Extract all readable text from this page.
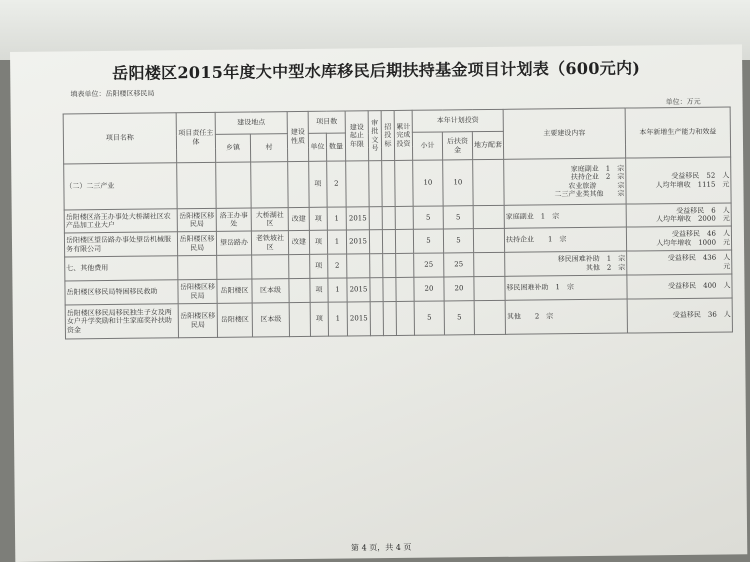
岳阳楼区2015年度大中型水库移民后期扶持基金项目计划表（600元内)
填表单位：岳阳楼区移民局
单位：万元
项目名称	项目责任主体	建设地点		建设性质	项目数		建设起止年限	审批文号	招投标	累计完成投资	本年计划投资			主要建设内容	本年新增生产能力和效益
		乡镇	村		单位	数量					小计	后扶资金	地方配套		

（二）二三产业					项	2					10	10		家庭副业　1　宗
扶持企业　2　宗
农业旅游　　　宗
二三产业类其他　　宗	受益移民　52　人
人均年增收　1115　元
岳阳楼区洛王办事处大桥湖社区农产品加工业大户	岳阳楼区移民局	洛王办事处	大桥湖社区	改建	项	1	2015				5	5		家庭副业　1　宗	受益移民　6　人
人均年增收　2000　元
岳阳楼区望岳路办事处望岳机械服务有限公司	岳阳楼区移民局	望岳路办	老铁坡社区	改建	项	1	2015				5	5		扶持企业　　1　宗	受益移民　46　人
人均年增收　1000　元
七、其他费用					项	2					25	25		移民困难补助　1　宗
其他　2　宗	受益移民　436　人
元
岳阳楼区移民局特困移民救助	岳阳楼区移民局	岳阳楼区	区本级		项	1	2015				20	20		移民困难补助　1　宗	受益移民　400　人
岳阳楼区移民局移民独生子女及两女户升学奖励和计生家庭奖补扶助资金	岳阳楼区移民局	岳阳楼区	区本级		项	1	2015				5	5		其他　　2　宗	受益移民　36　人
第 4 页，共 4 页
